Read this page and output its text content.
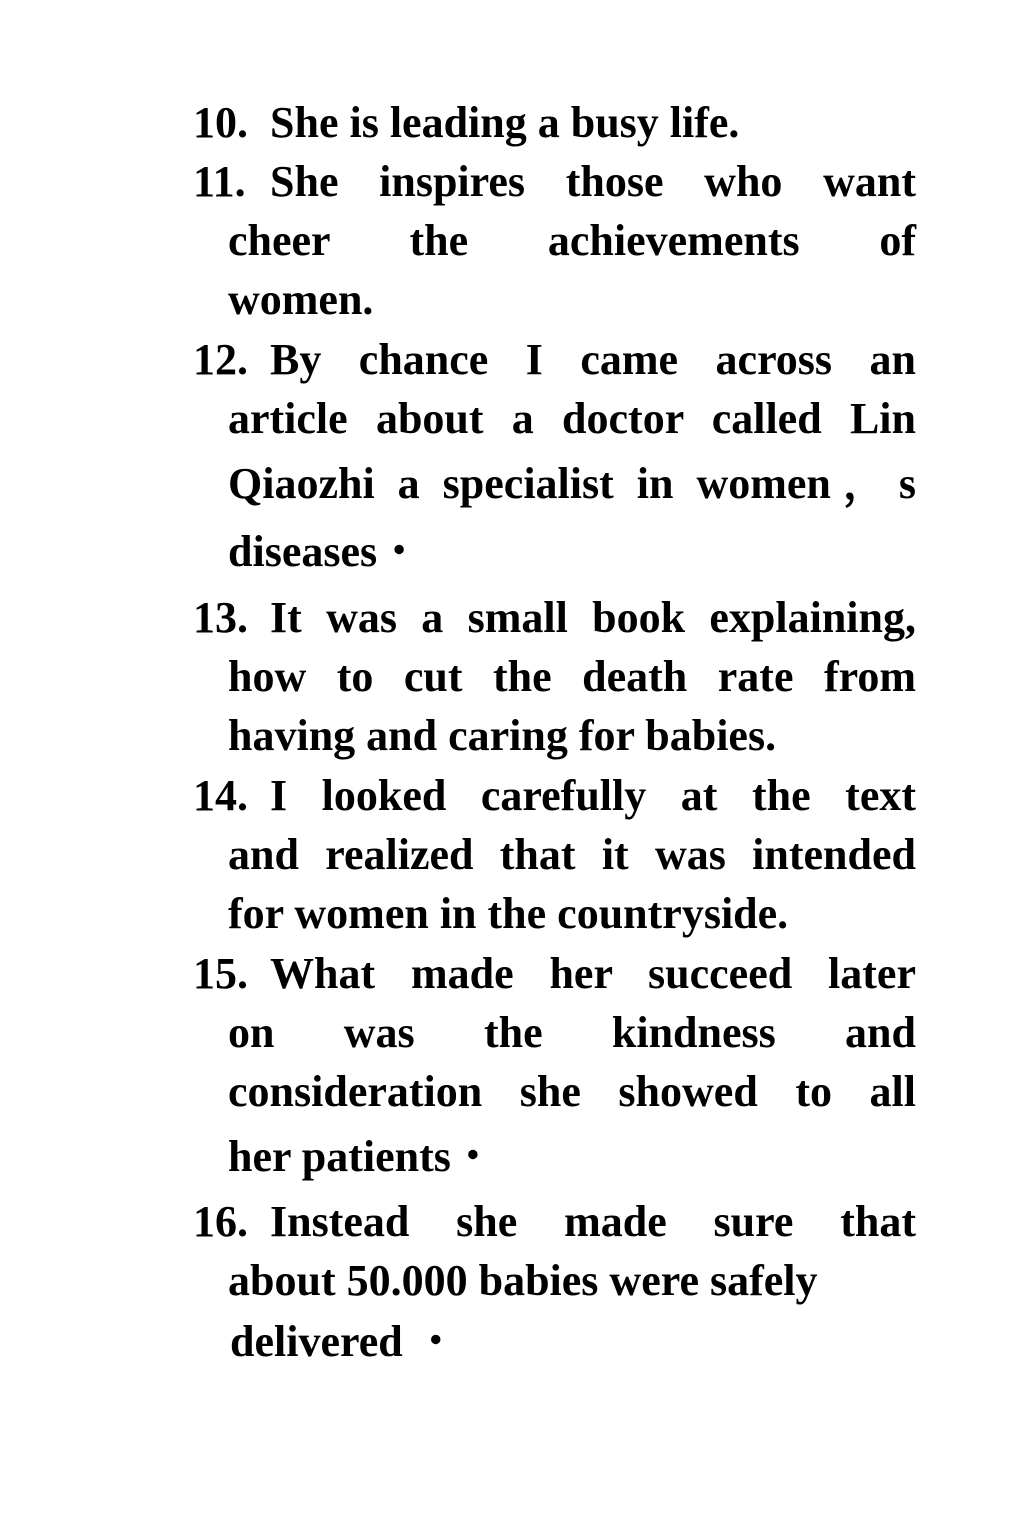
10. She is leading a busy life.
11. She inspires those who want
cheer the achievements of
women.
12. By chance I came across an
article about a doctor called Lin
Qiaozhi a specialist in women，s
diseases・
13. It was a small book explaining,
how to cut the death rate from
having and caring for babies.
14. I looked carefully at the text
and realized that it was intended
for women in the countryside.
15. What made her succeed later
on was the kindness and
consideration she showed to all
her patients・
16. Instead she made sure that
about 50.000 babies were safely
delivered ・
